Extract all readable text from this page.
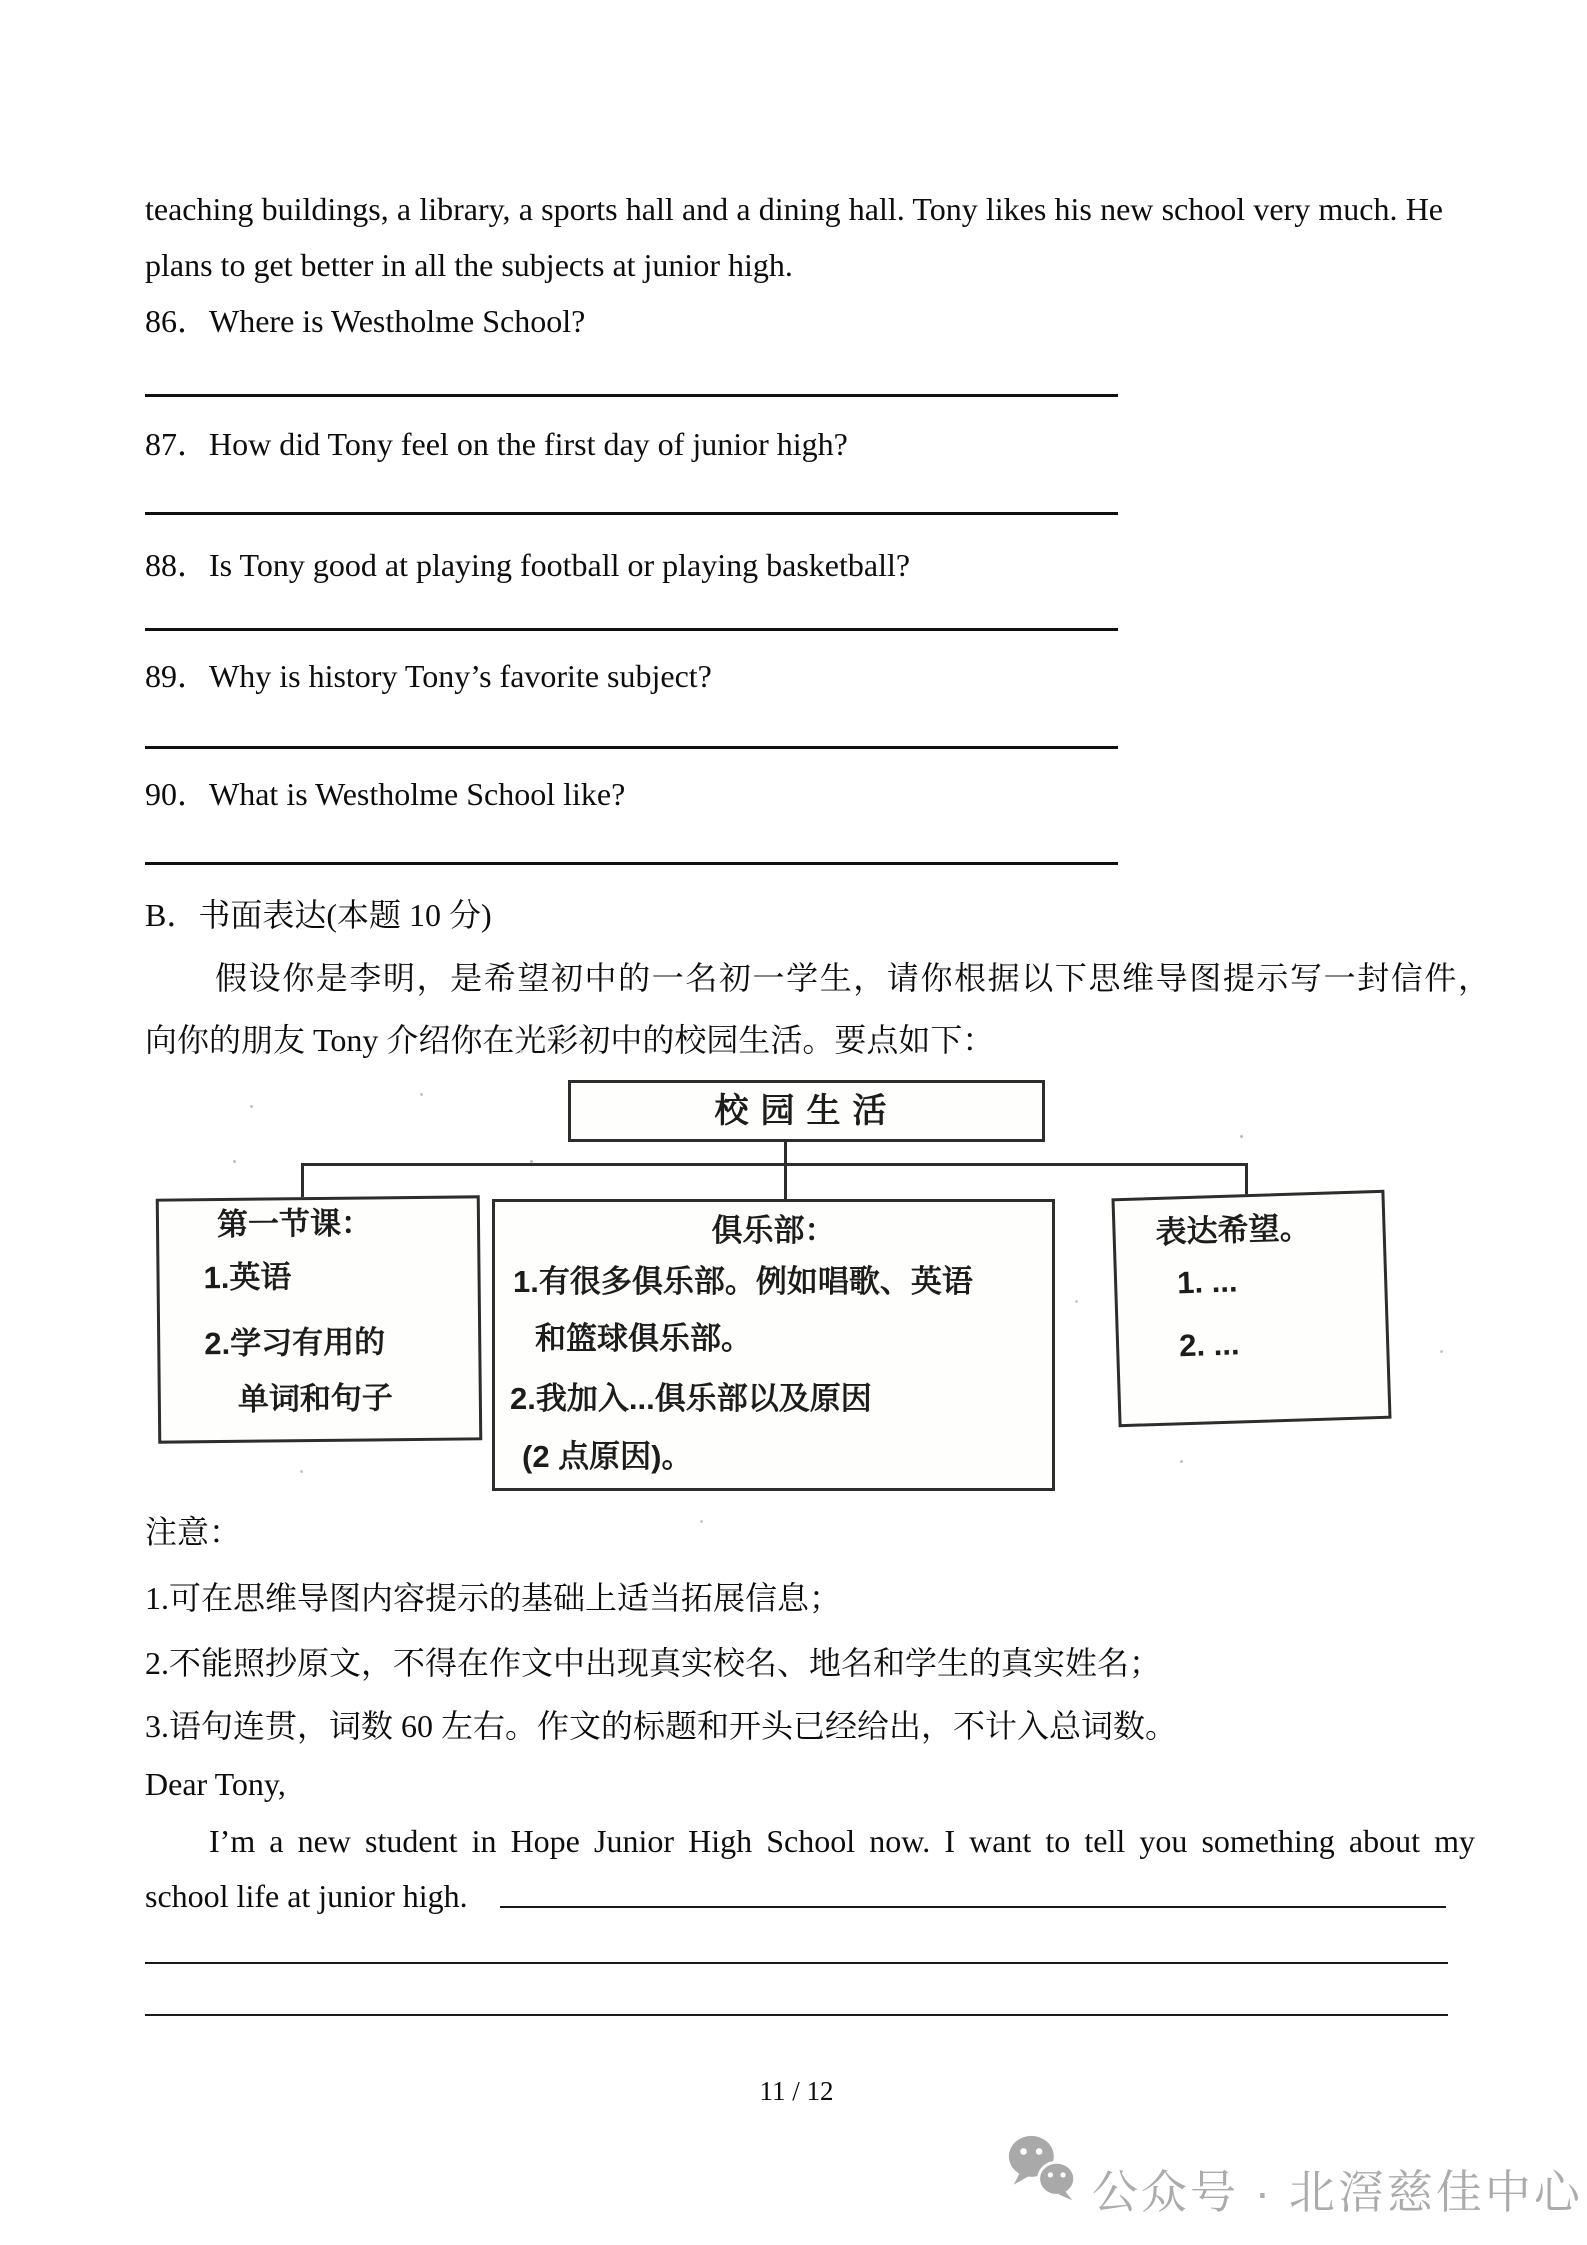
teaching buildings, a library, a sports hall and a dining hall. Tony likes his new school very much. He
plans to get better in all the subjects at junior high.
86．Where is Westholme School?
87．How did Tony feel on the first day of junior high?
88．Is Tony good at playing football or playing basketball?
89．Why is history Tony’s favorite subject?
90．What is Westholme School like?
B．书面表达(本题 10 分)
假设你是李明，是希望初中的一名初一学生，请你根据以下思维导图提示写一封信件，
向你的朋友 Tony 介绍你在光彩初中的校园生活。要点如下：
校园生活
第一节课：
1.英语
2.学习有用的
单词和句子
俱乐部：
1.有很多俱乐部。例如唱歌、英语
和篮球俱乐部。
2.我加入...俱乐部以及原因
(2 点原因)。
表达希望。
1. ...
2. ...
注意：
1.可在思维导图内容提示的基础上适当拓展信息；
2.不能照抄原文，不得在作文中出现真实校名、地名和学生的真实姓名；
3.语句连贯，词数 60 左右。作文的标题和开头已经给出，不计入总词数。
Dear Tony,
I’m a new student in Hope Junior High School now. I want to tell you something about my
school life at junior high.
11 / 12
公众号 · 北滘慈佳中心
